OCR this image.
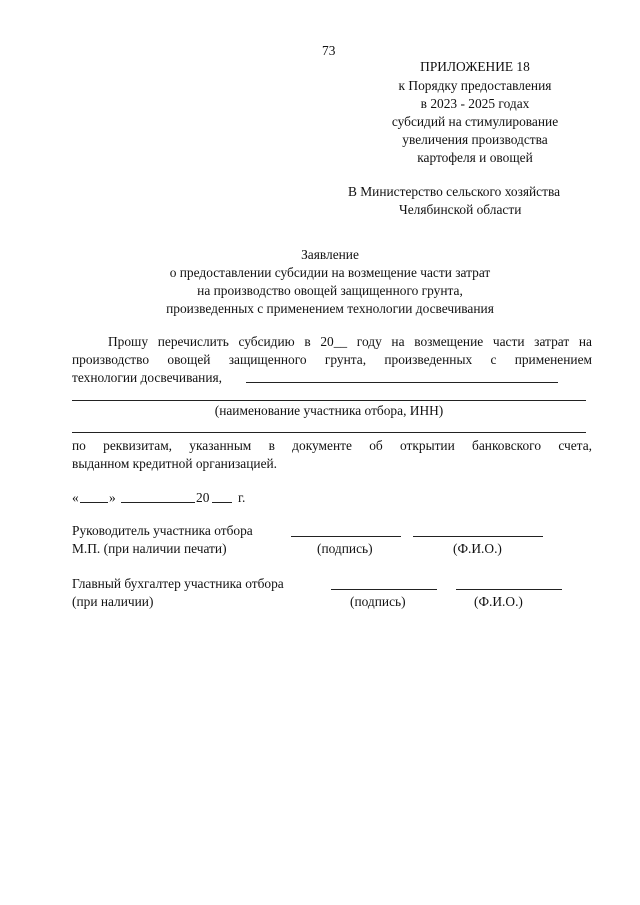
73
ПРИЛОЖЕНИЕ 18
к Порядку предоставления
в 2023 - 2025 годах
субсидий на стимулирование
увеличения производства
картофеля и овощей
В Министерство сельского хозяйства
Челябинской области
Заявление
о предоставлении субсидии на возмещение части затрат
на производство овощей защищенного грунта,
произведенных с применением технологии досвечивания
Прошу перечислить субсидию в 20__ году на возмещение части затрат на
производство овощей защищенного грунта, произведенных с применением
технологии досвечивания,
(наименование участника отбора, ИНН)
по реквизитам, указанным в документе об открытии банковского счета,
выданном кредитной организацией.
« »	20 г.
Руководитель участника отбора
М.П. (при наличии печати)	(подпись)	(Ф.И.О.)
Главный бухгалтер участника отбора
(при наличии)	(подпись)	(Ф.И.О.)
